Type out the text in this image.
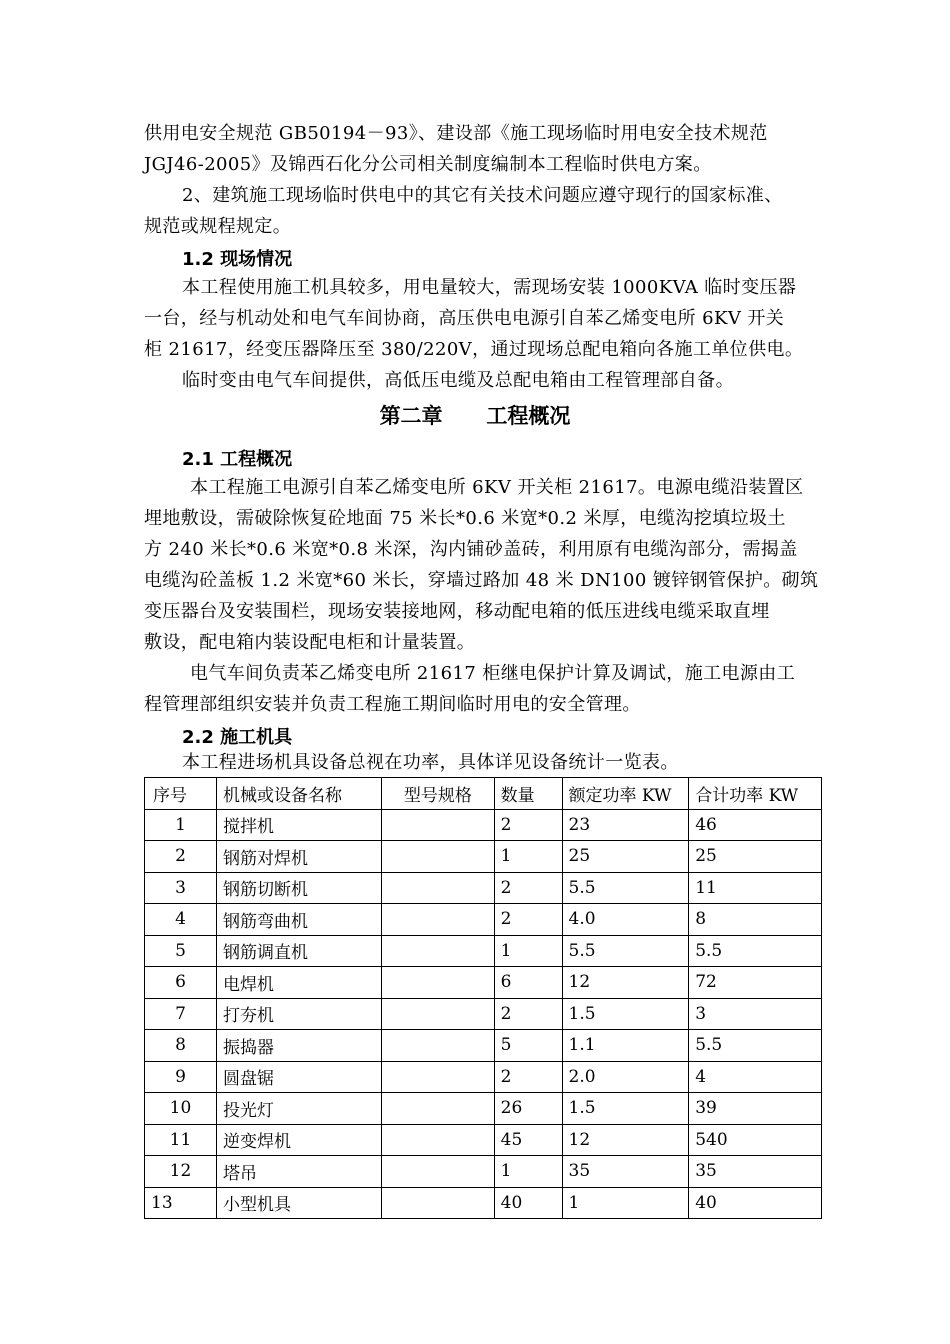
供用电安全规范 GB50194－93》、建设部《施工现场临时用电安全技术规范
JGJ46-2005》及锦西石化分公司相关制度编制本工程临时供电方案。
2、建筑施工现场临时供电中的其它有关技术问题应遵守现行的国家标准、
规范或规程规定。
1.2 现场情况
本工程使用施工机具较多，用电量较大，需现场安装 1000KVA 临时变压器
一台，经与机动处和电气车间协商，高压供电电源引自苯乙烯变电所 6KV 开关
柜 21617，经变压器降压至 380/220V，通过现场总配电箱向各施工单位供电。
临时变由电气车间提供，高低压电缆及总配电箱由工程管理部自备。
第二章      工程概况
2.1 工程概况
本工程施工电源引自苯乙烯变电所 6KV 开关柜 21617。电源电缆沿装置区
埋地敷设，需破除恢复砼地面 75 米长*0.6 米宽*0.2 米厚，电缆沟挖填垃圾土
方 240 米长*0.6 米宽*0.8 米深，沟内铺砂盖砖，利用原有电缆沟部分，需揭盖
电缆沟砼盖板 1.2 米宽*60 米长，穿墙过路加 48 米 DN100 镀锌钢管保护。砌筑
变压器台及安装围栏，现场安装接地网，移动配电箱的低压进线电缆采取直埋
敷设，配电箱内装设配电柜和计量装置。
电气车间负责苯乙烯变电所 21617 柜继电保护计算及调试，施工电源由工
程管理部组织安装并负责工程施工期间临时用电的安全管理。
2.2 施工机具
本工程进场机具设备总视在功率，具体详见设备统计一览表。
序号	机械或设备名称	型号规格	数量	额定功率 KW	合计功率 KW
1	搅拌机		2	23	46
2	钢筋对焊机		1	25	25
3	钢筋切断机		2	5.5	11
4	钢筋弯曲机		2	4.0	8
5	钢筋调直机		1	5.5	5.5
6	电焊机		6	12	72
7	打夯机		2	1.5	3
8	振捣器		5	1.1	5.5
9	圆盘锯		2	2.0	4
10	投光灯		26	1.5	39
11	逆变焊机		45	12	540
12	塔吊		1	35	35
13	小型机具		40	1	40
